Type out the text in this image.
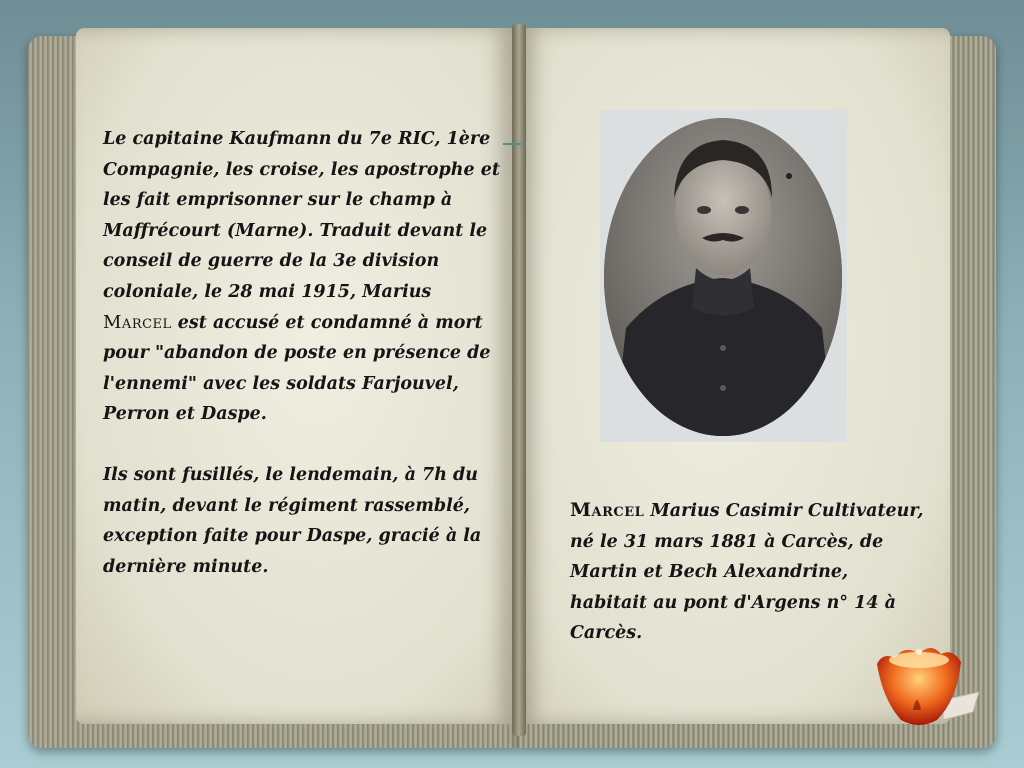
Le capitaine Kaufmann du 7e RIC, 1ère Compagnie, les croise, les apostrophe et les fait emprisonner sur le champ à Maffrécourt (Marne). Traduit devant le conseil de guerre de la 3e division coloniale, le 28 mai 1915, Marius Marcel est accusé et condamné à mort pour "abandon de poste en présence de l'ennemi" avec les soldats Farjouvel, Perron et Daspe.

Ils sont fusillés, le lendemain, à 7h du matin, devant le régiment rassemblé, exception faite pour Daspe, gracié à la dernière minute.

Marcel Marius Casimir Cultivateur, né le 31 mars 1881 à Carcès, de Martin et Bech Alexandrine, habitait au pont d'Argens n° 14 à Carcès.
